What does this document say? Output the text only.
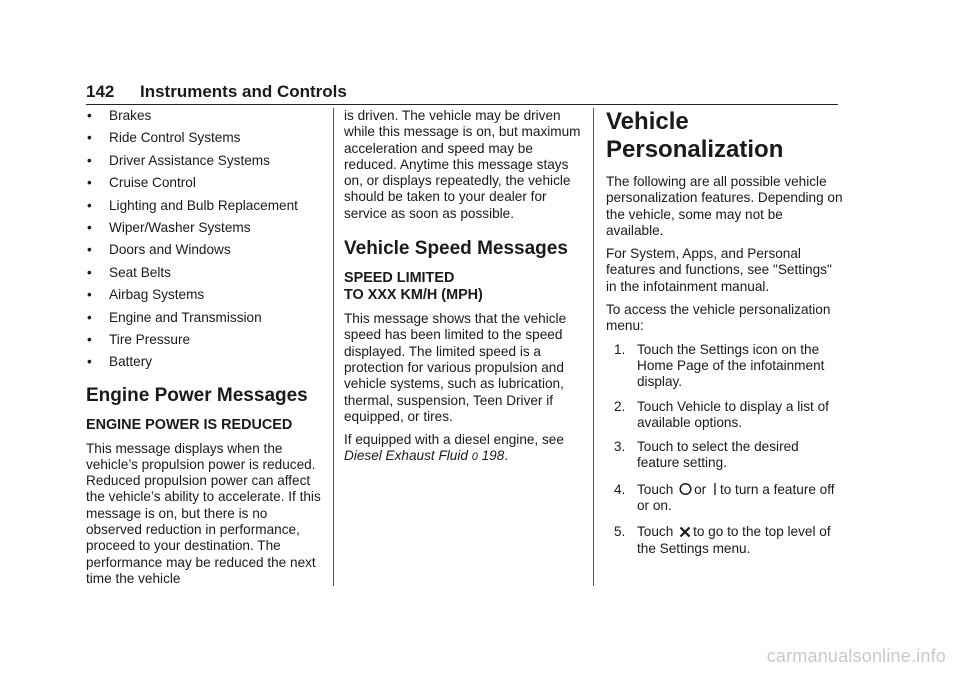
142 Instruments and Controls
• Brakes
• Ride Control Systems
• Driver Assistance Systems
• Cruise Control
• Lighting and Bulb Replacement
• Wiper/Washer Systems
• Doors and Windows
• Seat Belts
• Airbag Systems
• Engine and Transmission
• Tire Pressure
• Battery
Engine Power Messages
ENGINE POWER IS REDUCED

This message displays when the vehicle’s propulsion power is reduced. Reduced propulsion power can affect the vehicle’s ability to accelerate. If this message is on, but there is no observed reduction in performance, proceed to your destination. The performance may be reduced the next time the vehicle

is driven. The vehicle may be driven while this message is on, but maximum acceleration and speed may be reduced. Anytime this message stays on, or displays repeatedly, the vehicle should be taken to your dealer for service as soon as possible.

Vehicle Speed Messages
SPEED LIMITED
TO XXX KM/H (MPH)

This message shows that the vehicle speed has been limited to the speed displayed. The limited speed is a protection for various propulsion and vehicle systems, such as lubrication, thermal, suspension, Teen Driver if equipped, or tires.

If equipped with a diesel engine, see Diesel Exhaust Fluid 0 198.

Vehicle
Personalization

The following are all possible vehicle personalization features. Depending on the vehicle, some may not be available.

For System, Apps, and Personal features and functions, see "Settings" in the infotainment manual.

To access the vehicle personalization menu:

1. Touch the Settings icon on the Home Page of the infotainment display.
2. Touch Vehicle to display a list of available options.
3. Touch to select the desired feature setting.
4. Touch or to turn a feature off or on.
5. Touch to go to the top level of the Settings menu.
carmanualsonline.info
